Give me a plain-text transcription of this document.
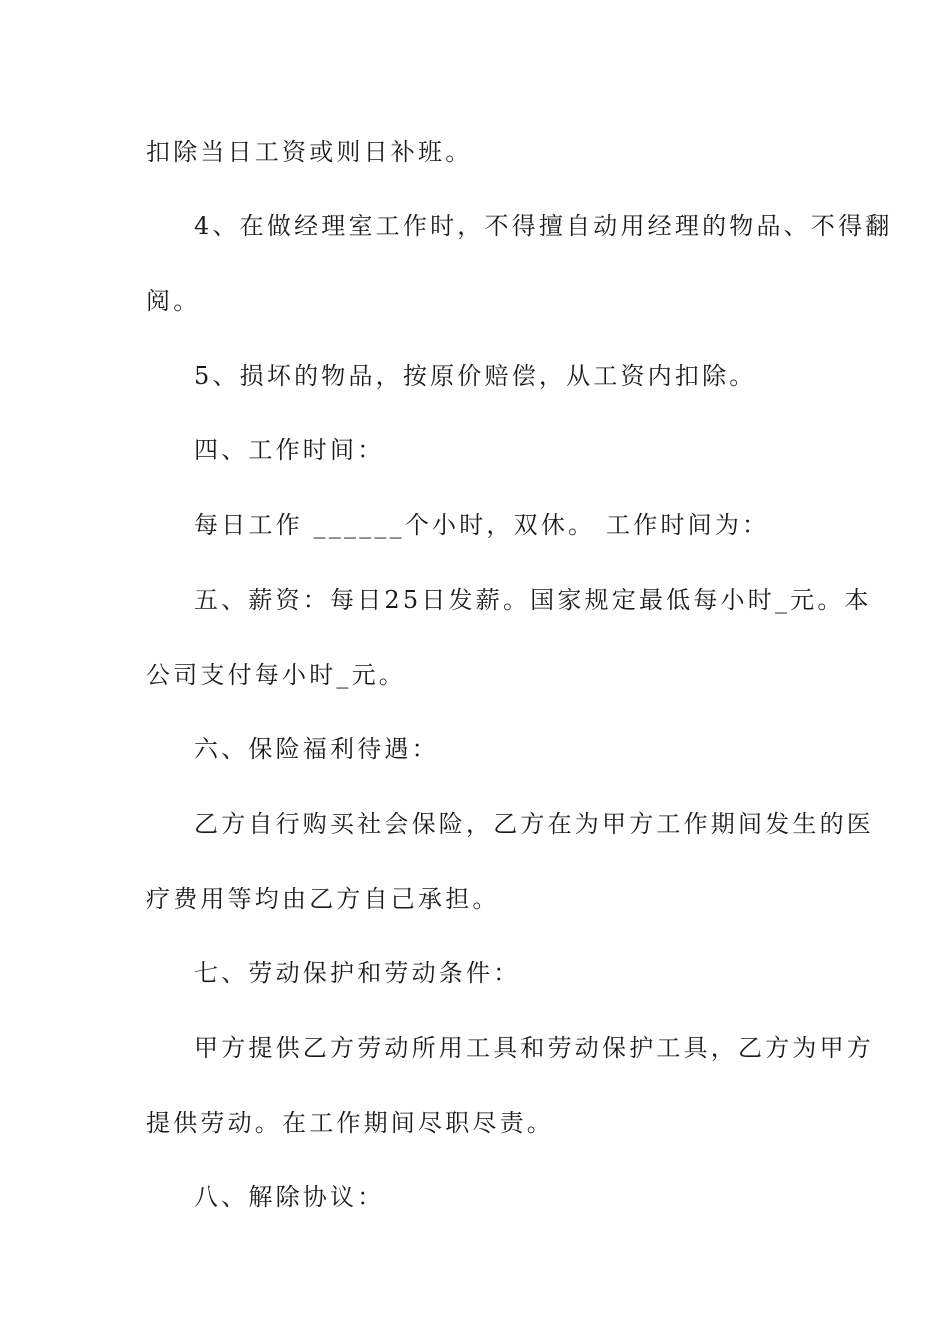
扣除当日工资或则日补班。
4、在做经理室工作时，不得擅自动用经理的物品、不得翻
阅。
5、损坏的物品，按原价赔偿，从工资内扣除。
四、工作时间：
每日工作 ______个小时，双休。 工作时间为：
五、薪资：每日25日发薪。国家规定最低每小时_元。本
公司支付每小时_元。
六、保险福利待遇：
乙方自行购买社会保险，乙方在为甲方工作期间发生的医
疗费用等均由乙方自己承担。
七、劳动保护和劳动条件：
甲方提供乙方劳动所用工具和劳动保护工具，乙方为甲方
提供劳动。在工作期间尽职尽责。
八、解除协议：
